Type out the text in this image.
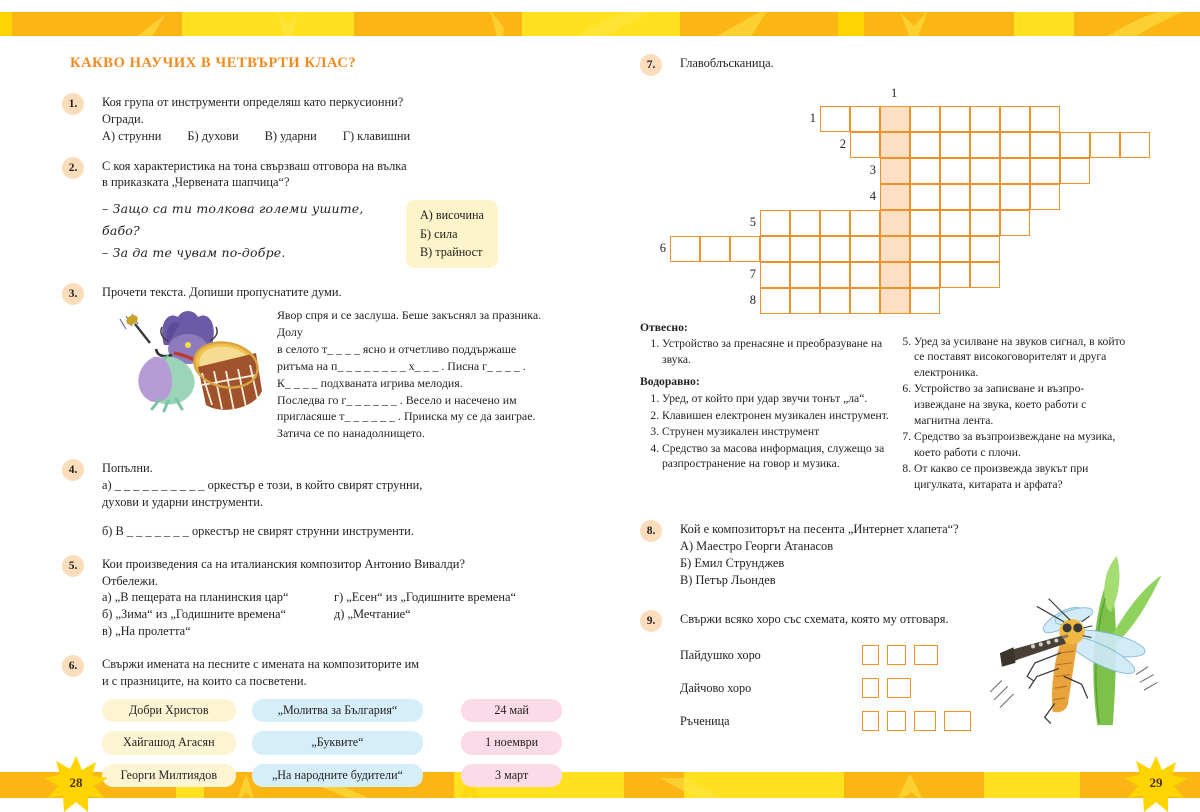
КАКВО НАУЧИХ В ЧЕТВЪРТИ КЛАС?
1.	Коя група от инструменти определяш като перкусионни?

Огради.

А) струнни Б) духови В) ударни Г) клавишни
2.	С коя характеристика на тона свързваш отговора на вълка

в приказката „Червената шапчица“?

– Защо са ти толкова големи ушите, бабо?
– За да те чувам по-добре.
А) височина
Б) сила
В) трайност
3.	Прочети текста. Допиши пропуснатите думи.

Явор спря и се заслуша. Беше закъснял за празника. Долу
в селото т_ _ _ _ ясно и отчетливо поддържаше
ритъма на п_ _ _ _ _ _ _ _ х_ _ _ . Писна г_ _ _ _ .
К_ _ _ _ подхваната игрива мелодия.
Последва го г_ _ _ _ _ _ . Весело и насечено им
пригласяше т_ _ _ _ _ _ . Прииска му се да заиграе.
Затича се по нанадолнището.
4.	Попълни.

а) _ _ _ _ _ _ _ _ _ _ оркестър е този, в който свирят струнни,

духови и ударни инструменти.

б) В _ _ _ _ _ _ _ оркестър не свирят струнни инструменти.

5.	Кои произведения са на италианския композитор Антонио Вивалди?

Отбележи.

а) „В пещерата на планинския цар“
б) „Зима“ из „Годишните времена“
в) „На пролетта“
г) „Есен“ из „Годишните времена“
д) „Мечтание“
6.	Свържи имената на песните с имената на композиторите им

и с празниците, на които са посветени.

Добри Христов	„Молитва за България“	24 май
Хайгашод Агасян	„Буквите“	1 ноември
Георги Милтиядов	„На народните будители“	3 март
7.	Главоблъсканица.

1
1
2
3
4
5
6
7
8

Отвесно:

1. Устройство за пренасяне и преобразуване на звука.

Водоравно:

1. Уред, от който при удар звучи тонът „ла“.
2. Клавишен електронен музикален инструмент.
3. Струнен музикален инструмент
4. Средство за масова информация, служещо за разпространение на говор и музика.
5. Уред за усилване на звуков сигнал, в който се поставят високоговорителят и друга електроника.
6. Устройство за записване и възпро-извеждане на звука, което работи с магнитна лента.
7. Средство за възпроизвеждане на музика, което работи с плочи.
8. От какво се произвежда звукът при цигулката, китарата и арфата?
8.	Кой е композиторът на песента „Интернет хлапета“?

А) Маестро Георги Атанасов
Б) Емил Струнджев
В) Петър Льондев
9.	Свържи всяко хоро със схемата, която му отговаря.

Пайдушко хоро
Дайчово хоро
Ръченица
28	29
